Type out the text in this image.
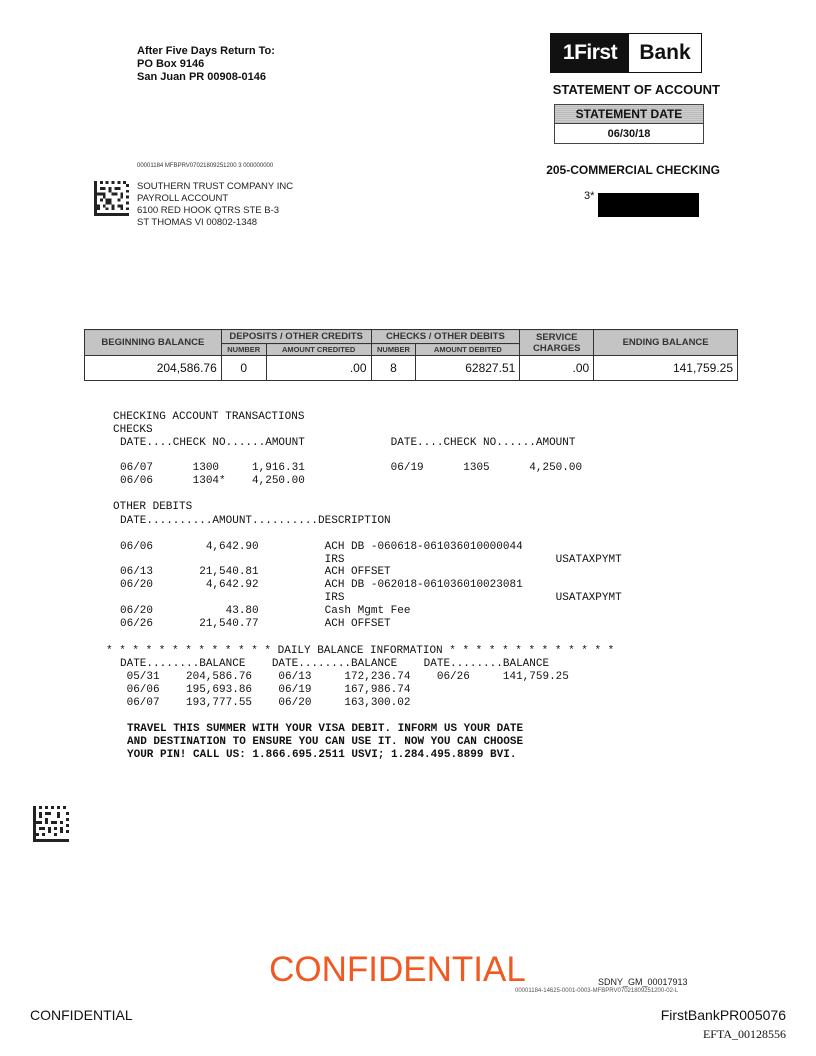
After Five Days Return To:
PO Box 9146
San Juan PR 00908-0146
1First	Bank
STATEMENT OF ACCOUNT
STATEMENT DATE
06/30/18
205-COMMERCIAL CHECKING
3*
00001184 MFBPRV07021809251200 3 000000000
SOUTHERN TRUST COMPANY INC
PAYROLL ACCOUNT
6100 RED HOOK QTRS STE B-3
ST THOMAS VI 00802-1348
BEGINNING BALANCE	DEPOSITS / OTHER CREDITS		CHECKS / OTHER DEBITS		SERVICE CHARGES	ENDING BALANCE
	NUMBER	AMOUNT CREDITED	NUMBER	AMOUNT DEBITED		
204,586.76	0	.00	8	62827.51	.00	141,759.25
CHECKING ACCOUNT TRANSACTIONS
CHECKS
DATE....CHECK NO......AMOUNT             DATE....CHECK NO......AMOUNT
06/07      1300     1,916.31             06/19      1305      4,250.00
06/06      1304*    4,250.00
OTHER DEBITS
DATE..........AMOUNT..........DESCRIPTION
06/06        4,642.90          ACH DB -060618-061036010000044
IRS                                USATAXPYMT
06/13       21,540.81          ACH OFFSET
06/20        4,642.92          ACH DB -062018-061036010023081
IRS                                USATAXPYMT
06/20           43.80          Cash Mgmt Fee
06/26       21,540.77          ACH OFFSET
* * * * * * * * * * * * * DAILY BALANCE INFORMATION * * * * * * * * * * * * *
DATE........BALANCE    DATE........BALANCE    DATE........BALANCE
05/31    204,586.76    06/13     172,236.74    06/26     141,759.25
06/06    195,693.86    06/19     167,986.74
06/07    193,777.55    06/20     163,300.02
TRAVEL THIS SUMMER WITH YOUR VISA DEBIT. INFORM US YOUR DATE
AND DESTINATION TO ENSURE YOU CAN USE IT. NOW YOU CAN CHOOSE
YOUR PIN! CALL US: 1.866.695.2511 USVI; 1.284.495.8899 BVI.
CONFIDENTIAL	SDNY_GM_00017913
00001184-14625-0001-0003-MFBPRV07021809251200-02-L
CONFIDENTIAL	FirstBankPR005076
EFTA_00128556
